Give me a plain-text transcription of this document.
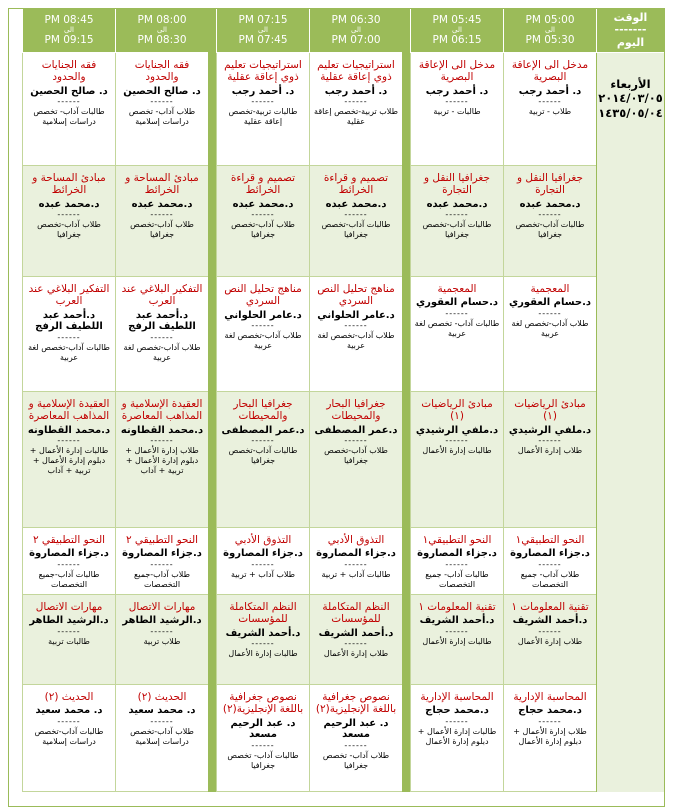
الوقت
-------
اليوم
الأربعاء
٢٠١٤/٠٣/٠٥
١٤٣٥/٠٥/٠٤
05:00 PM
الى
05:30 PM
05:45 PM
الى
06:15 PM
06:30 PM
الى
07:00 PM
07:15 PM
الى
07:45 PM
08:00 PM
الى
08:30 PM
08:45 PM
الى
09:15 PM
مدخل الى الإعاقة البصرية
د. أحمد رجب
------
طلاب - تربية
مدخل الى الإعاقة البصرية
د. أحمد رجب
------
طالبات - تربية
استراتيجيات تعليم ذوي إعاقة عقلية
د. أحمد رجب
------
طلاب تربية-تخصص إعاقة عقلية
استراتيجيات تعليم ذوي إعاقة عقلية
د. أحمد رجب
------
طالبات تربية-تخصص إعاقة عقلية
فقه الجنايات والحدود
د. صالح الحصين
------
طلاب آداب- تخصص دراسات إسلامية
فقه الجنايات والحدود
د. صالح الحصين
------
طالبات آداب- تخصص دراسات إسلامية
جغرافيا النقل و التجارة
د.محمد عبده
------
طالبات آداب-تخصص جغرافيا
جغرافيا النقل و التجارة
د.محمد عبده
------
طالبات آداب-تخصص جغرافيا
تصميم و قراءة الخرائط
د.محمد عبده
------
طالبات آداب-تخصص جغرافيا
تصميم و قراءة الخرائط
د.محمد عبده
------
طلاب آداب-تخصص جغرافيا
مبادئ المساحة و الخرائط
د.محمد عبده
------
طلاب آداب-تخصص جغرافيا
مبادئ المساحة و الخرائط
د.محمد عبده
------
طلاب آداب-تخصص جغرافيا
المعجمية
د.حسام العقوري
------
طلاب آداب-تخصص لغة عربية
المعجمية
د.حسام العقوري
------
طالبات آداب- تخصص لغة عربية
مناهج تحليل النص السردي
د.عامر الحلواني
------
طلاب آداب-تخصص لغة عربية
مناهج تحليل النص السردي
د.عامر الحلواني
------
طلاب آداب-تخصص لغة عربية
التفكير البلاغي عند العرب
د.أحمد عبد اللطيف الرفج
------
طلاب آداب-تخصص لغة عربية
التفكير البلاغي عند العرب
د.أحمد عبد اللطيف الرفج
------
طالبات آداب-تخصص لغة عربية
مبادئ الرياضيات (١)
د.ملفي الرشيدي
------
طلاب إدارة الأعمال
مبادئ الرياضيات (١)
د.ملفي الرشيدي
------
طالبات إدارة الأعمال
جغرافيا البحار والمحيطات
د.عمر المصطفى
------
طلاب آداب-تخصص جغرافيا
جغرافيا البحار والمحيطات
د.عمر المصطفى
------
طالبات آداب-تخصص جغرافيا
العقيدة الإسلامية و المذاهب المعاصرة
د.محمد القطاونه
------
طلاب إدارة الأعمال + دبلوم إدارة الأعمال + تربية + آداب
العقيدة الإسلامية و المذاهب المعاصرة
د.محمد القطاونه
------
طالبات إدارة الأعمال + دبلوم إدارة الأعمال + تربية + آداب
النحو التطبيقي١
د.جزاء المصاروة
------
طلاب آداب- جميع التخصصات
النحو التطبيقي١
د.جزاء المصاروة
------
طالبات آداب- جميع التخصصات
التذوق الأدبي
د.جزاء المصاروة
------
طالبات آداب + تربية
التذوق الأدبي
د.جزاء المصاروة
------
طلاب آداب + تربية
النحو التطبيقي ٢
د.جزاء المصاروة
------
طلاب آداب-جميع التخصصات
النحو التطبيقي ٢
د.جزاء المصاروة
------
طالبات آداب-جميع التخصصات
تقنية المعلومات ١
د.أحمد الشريف
------
طلاب إدارة الأعمال
تقنية المعلومات ١
د.أحمد الشريف
------
طالبات إدارة الأعمال
النظم المتكاملة للمؤسسات
د.أحمد الشريف
------
طلاب إدارة الأعمال
النظم المتكاملة للمؤسسات
د.أحمد الشريف
------
طالبات إدارة الأعمال
مهارات الاتصال
د.الرشيد الطاهر
------
طلاب تربية
مهارات الاتصال
د.الرشيد الطاهر
------
طالبات تربية
المحاسبة الإدارية
د.محمد حجاج
------
طلاب إدارة الأعمال + دبلوم إدارة الأعمال
المحاسبة الإدارية
د.محمد حجاج
------
طالبات إدارة الأعمال + دبلوم إدارة الأعمال
نصوص جغرافية باللغة الإنجليزية(٢)
د. عبد الرحيم مسعد
------
طلاب آداب- تخصص جغرافيا
نصوص جغرافية باللغة الإنجليزية(٢)
د. عبد الرحيم مسعد
------
طالبات آداب- تخصص جغرافيا
الحديث (٢)
د. محمد سعيد
------
طلاب آداب-تخصص دراسات إسلامية
الحديث (٢)
د. محمد سعيد
------
طالبات آداب-تخصص دراسات إسلامية
